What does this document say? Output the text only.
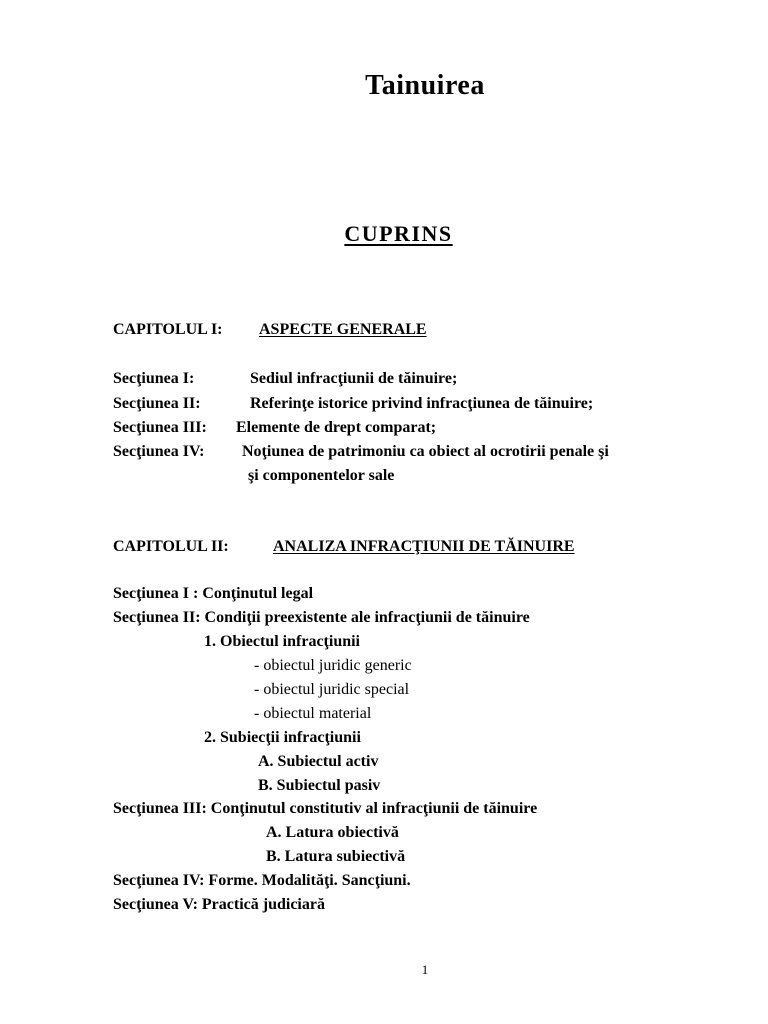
Tainuirea
CUPRINS
CAPITOLUL I: ASPECTE GENERALE
Secţiunea I:	Sediul infracţiunii de tăinuire;
Secţiunea II:	Referinţe istorice privind infracţiunea de tăinuire;
Secţiunea III: Elemente de drept comparat;
Secţiunea IV: Noţiunea de patrimoniu ca obiect al ocrotirii penale şi
şi componentelor sale
CAPITOLUL II:	ANALIZA INFRACŢIUNII DE TĂINUIRE
Secţiunea I : Conţinutul legal
Secţiunea II: Condiţii preexistente ale infracţiunii de tăinuire
1. Obiectul infracţiunii
- obiectul juridic generic
- obiectul juridic special
- obiectul material
2. Subiecţii infracţiunii
A. Subiectul activ
B. Subiectul pasiv
Secţiunea III: Conţinutul constitutiv al infracţiunii de tăinuire
A. Latura obiectivă
B. Latura subiectivă
Secţiunea IV: Forme. Modalităţi. Sancţiuni.
Secţiunea V: Practică judiciară
1
